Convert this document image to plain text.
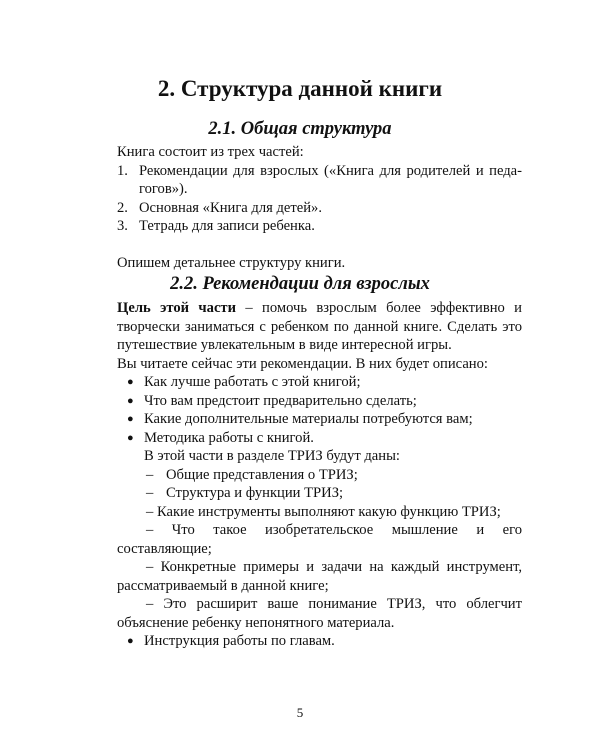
2. Структура данной книги
2.1. Общая структура

Книга состоит из трех частей:

1. Рекомендации для взрослых («Книга для родителей и педа-гогов»).
2. Основная «Книга для детей».
3. Тетрадь для записи ребенка.

Опишем детальнее структуру книги.

2.2. Рекомендации для взрослых

Цель этой части – помочь взрослым более эффективно и творчески заниматься с ребенком по данной книге. Сделать это путешествие увлекательным в виде интересной игры.

Вы читаете сейчас эти рекомендации. В них будет описано:

● Как лучше работать с этой книгой;
● Что вам предстоит предварительно сделать;
● Какие дополнительные материалы потребуются вам;
● Методика работы с книгой.

В этой части в разделе ТРИЗ будут даны:

– Общие представления о ТРИЗ;
– Структура и функции ТРИЗ;

– Какие инструменты выполняют какую функцию ТРИЗ;

– Что такое изобретательское мышление и его составляющие;

– Конкретные примеры и задачи на каждый инструмент, рассматриваемый в данной книге;

– Это расширит ваше понимание ТРИЗ, что облегчит объяснение ребенку непонятного материала.

● Инструкция работы по главам.
5
